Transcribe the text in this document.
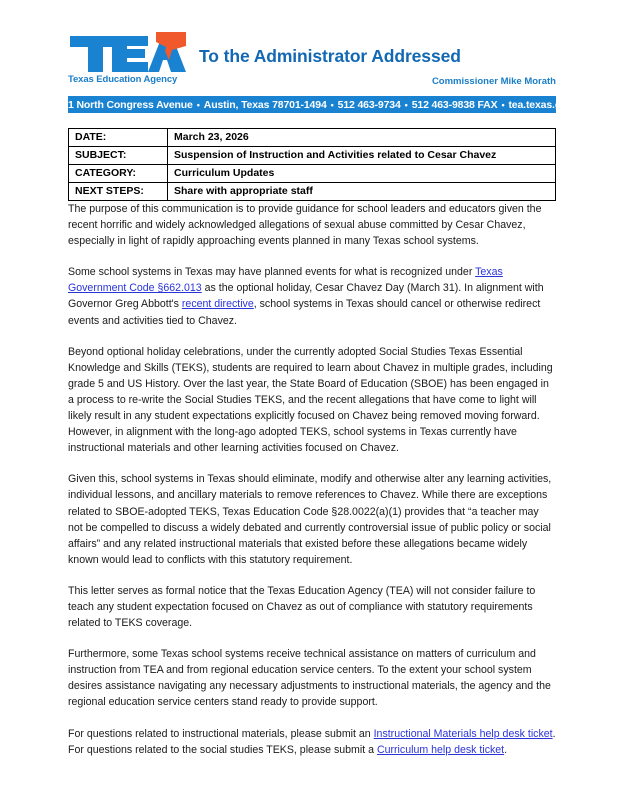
Texas Education Agency
To the Administrator Addressed
Commissioner Mike Morath
1701 North Congress Avenue • Austin, Texas 78701-1494 • 512 463-9734 • 512 463-9838 FAX • tea.texas.gov
DATE:	March 23, 2026
SUBJECT:	Suspension of Instruction and Activities related to Cesar Chavez
CATEGORY:	Curriculum Updates
NEXT STEPS:	Share with appropriate staff

The purpose of this communication is to provide guidance for school leaders and educators given the recent horrific and widely acknowledged allegations of sexual abuse committed by Cesar Chavez, especially in light of rapidly approaching events planned in many Texas school systems.

Some school systems in Texas may have planned events for what is recognized under Texas Government Code §662.013 as the optional holiday, Cesar Chavez Day (March 31). In alignment with Governor Greg Abbott's recent directive, school systems in Texas should cancel or otherwise redirect events and activities tied to Chavez.

Beyond optional holiday celebrations, under the currently adopted Social Studies Texas Essential Knowledge and Skills (TEKS), students are required to learn about Chavez in multiple grades, including grade 5 and US History. Over the last year, the State Board of Education (SBOE) has been engaged in a process to re-write the Social Studies TEKS, and the recent allegations that have come to light will likely result in any student expectations explicitly focused on Chavez being removed moving forward. However, in alignment with the long-ago adopted TEKS, school systems in Texas currently have instructional materials and other learning activities focused on Chavez.

Given this, school systems in Texas should eliminate, modify and otherwise alter any learning activities, individual lessons, and ancillary materials to remove references to Chavez. While there are exceptions related to SBOE-adopted TEKS, Texas Education Code §28.0022(a)(1) provides that “a teacher may not be compelled to discuss a widely debated and currently controversial issue of public policy or social affairs” and any related instructional materials that existed before these allegations became widely known would lead to conflicts with this statutory requirement.

This letter serves as formal notice that the Texas Education Agency (TEA) will not consider failure to teach any student expectation focused on Chavez as out of compliance with statutory requirements related to TEKS coverage.

Furthermore, some Texas school systems receive technical assistance on matters of curriculum and instruction from TEA and from regional education service centers. To the extent your school system desires assistance navigating any necessary adjustments to instructional materials, the agency and the regional education service centers stand ready to provide support.

For questions related to instructional materials, please submit an Instructional Materials help desk ticket. For questions related to the social studies TEKS, please submit a Curriculum help desk ticket.
